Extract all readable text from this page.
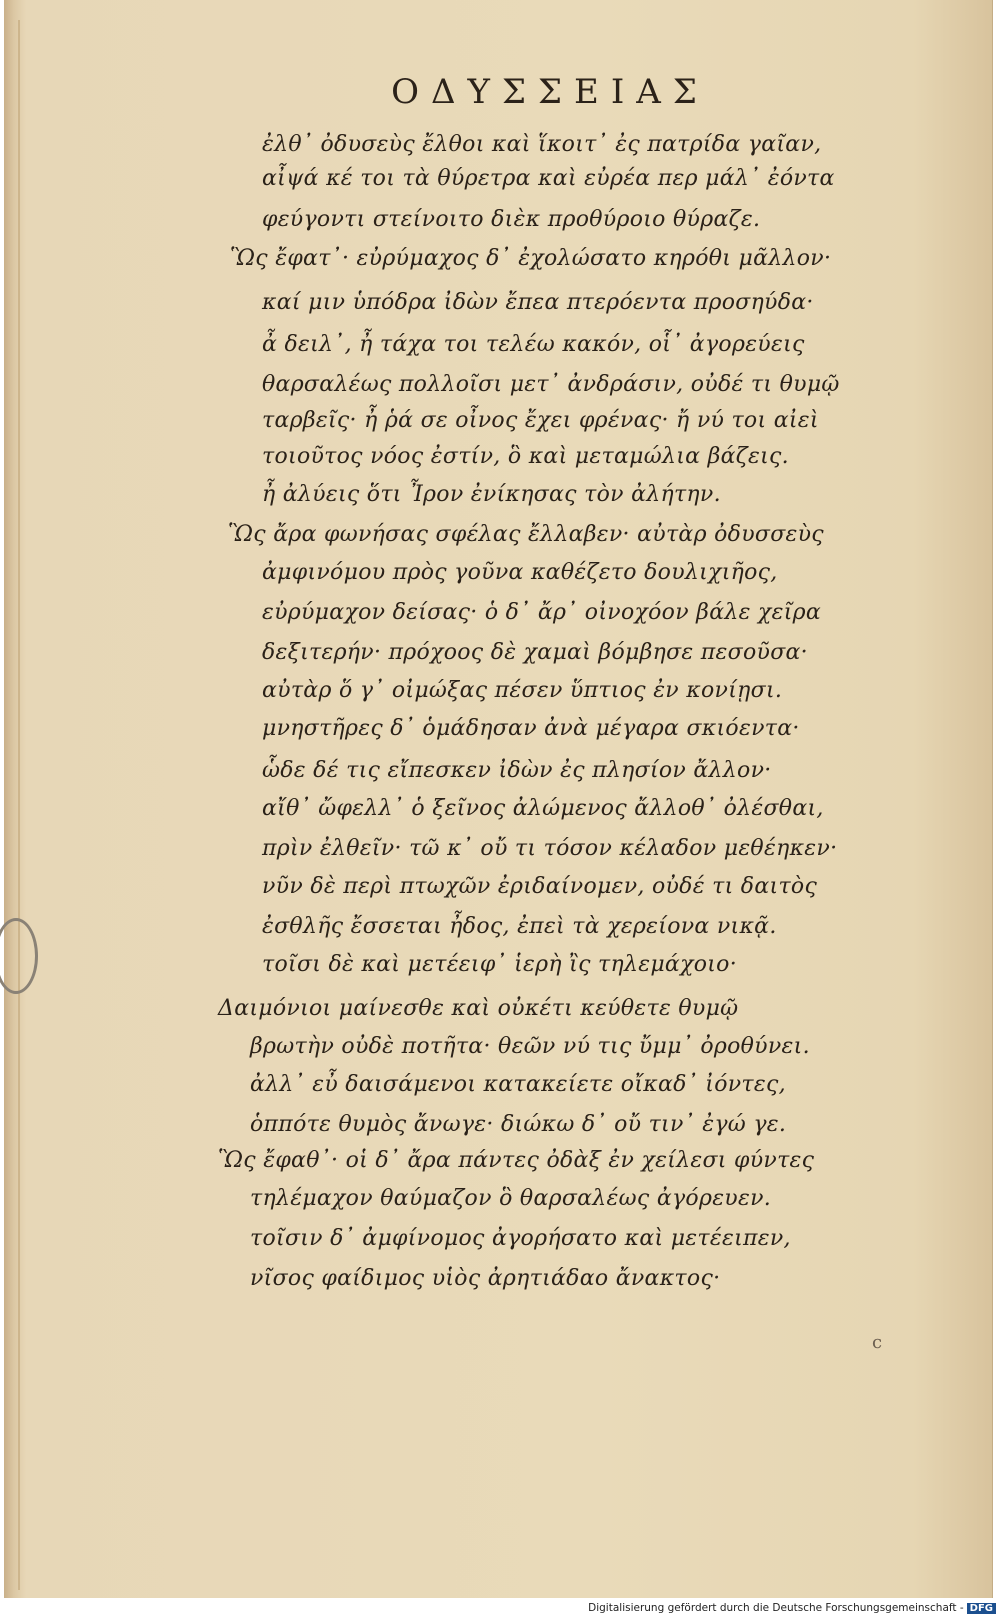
ΟΔΥΣΣΕΙΑΣ
ἐλθ᾽ ὀδυσεὺς ἔλθοι καὶ ἵκοιτ᾽ ἐς πατρίδα γαῖαν,
αἶψά κέ τοι τὰ θύρετρα καὶ εὐρέα περ μάλ᾽ ἐόντα
φεύγοντι στείνοιτο διὲκ προθύροιο θύραζε.
Ὣς ἔφατ᾽· εὐρύμαχος δ᾽ ἐχολώσατο κηρόθι μᾶλλον·
καί μιν ὑπόδρα ἰδὼν ἔπεα πτερόεντα προσηύδα·
ἆ δειλ᾽, ἦ τάχα τοι τελέω κακόν, οἷ᾽ ἀγορεύεις
θαρσαλέως πολλοῖσι μετ᾽ ἀνδράσιν, οὐδέ τι θυμῷ
ταρβεῖς· ἦ ῥά σε οἶνος ἔχει φρένας· ἤ νύ τοι αἰεὶ
τοιοῦτος νόος ἐστίν, ὃ καὶ μεταμώλια βάζεις.
ἦ ἀλύεις ὅτι Ἶρον ἐνίκησας τὸν ἀλήτην.
Ὣς ἄρα φωνήσας σφέλας ἔλλαβεν· αὐτὰρ ὀδυσσεὺς
ἀμφινόμου πρὸς γοῦνα καθέζετο δουλιχιῆος,
εὐρύμαχον δείσας· ὁ δ᾽ ἄρ᾽ οἰνοχόον βάλε χεῖρα
δεξιτερήν· πρόχοος δὲ χαμαὶ βόμβησε πεσοῦσα·
αὐτὰρ ὅ γ᾽ οἰμώξας πέσεν ὕπτιος ἐν κονίῃσι.
μνηστῆρες δ᾽ ὁμάδησαν ἀνὰ μέγαρα σκιόεντα·
ὧδε δέ τις εἴπεσκεν ἰδὼν ἐς πλησίον ἄλλον·
αἴθ᾽ ὤφελλ᾽ ὁ ξεῖνος ἀλώμενος ἄλλοθ᾽ ὀλέσθαι,
πρὶν ἐλθεῖν· τῶ κ᾽ οὔ τι τόσον κέλαδον μεθέηκεν·
νῦν δὲ περὶ πτωχῶν ἐριδαίνομεν, οὐδέ τι δαιτὸς
ἐσθλῆς ἔσσεται ἦδος, ἐπεὶ τὰ χερείονα νικᾷ.
τοῖσι δὲ καὶ μετέειφ᾽ ἱερὴ ἲς τηλεμάχοιο·
Δαιμόνιοι μαίνεσθε καὶ οὐκέτι κεύθετε θυμῷ
βρωτὴν οὐδὲ ποτῆτα· θεῶν νύ τις ὔμμ᾽ ὀροθύνει.
ἀλλ᾽ εὖ δαισάμενοι κατακείετε οἴκαδ᾽ ἰόντες,
ὁππότε θυμὸς ἄνωγε· διώκω δ᾽ οὔ τιν᾽ ἐγώ γε.
Ὣς ἔφαθ᾽· οἱ δ᾽ ἄρα πάντες ὀδὰξ ἐν χείλεσι φύντες
τηλέμαχον θαύμαζον ὃ θαρσαλέως ἀγόρευεν.
τοῖσιν δ᾽ ἀμφίνομος ἀγορήσατο καὶ μετέειπεν,
νῖσος φαίδιμος υἱὸς ἀρητιάδαο ἄνακτος·
c
Digitalisierung gefördert durch die Deutsche Forschungsgemeinschaft - DFG
